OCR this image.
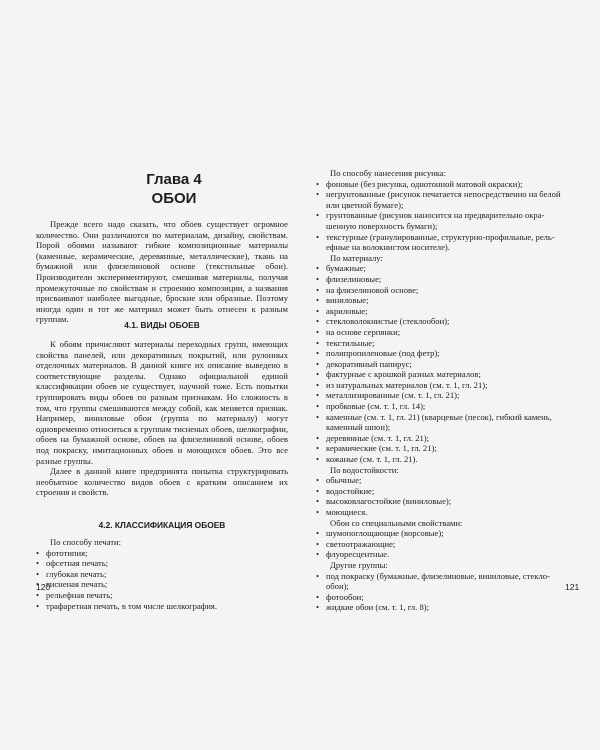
Глава 4
ОБОИ

Прежде всего надо сказать, что обоев существует огромное количество. Они различаются по материалам, дизайну, свойствам. Порой обоями называют гибкие композиционные материалы (каменные, керамические, деревянные, металлические), ткань на бумажной или флизелиновой основе (текстильные обои). Производители экспериментируют, смешивая материалы, получая промежуточные по свойствам и строению композиции, а названия присваивают наиболее выгодные, броские или образные. Поэтому иногда один и тот же материал может быть отнесен к разным группам.

4.1. ВИДЫ ОБОЕВ

К обоям причисляют материалы переходных групп, имеющих свойства панелей, или декоративных покрытий, или рулонных отделочных материалов. В данной книге их описание выведено в соответствующие разделы. Однако официальной единой классификации обоев не существует, научной тоже. Есть попытки группировать виды обоев по разным признакам. Но сложность в том, что группы смешиваются между собой, как меняется признак. Например, виниловые обои (группа по материалу) могут одновременно относиться к группам тисненых обоев, шелкографии, обоев на бумажной основе, обоев на флизелиновой основе, обоев под покраску, имитационных обоев и моющихся обоев. Это все разные группы.

Далее в данной книге предпринята попытка структурировать необъятное количество видов обоев с кратким описанием их строения и свойств.

4.2. КЛАССИФИКАЦИЯ ОБОЕВ
По способу печати:
• фототипия;
• офсетная печать;
• глубокая печать;
• тисненая печать;
• рельефная печать;
• трафаретная печать, в том числе шелкография.
120
По способу нанесения рисунка:
• фоновые (без рисунка, однотонной матовой окраски);
• негрунтованные (рисунок печатается непосредственно на белой
или цветной бумаге);
• грунтованные (рисунок наносится на предварительно окра-
шенную поверхность бумаги);
• текстурные (гранулированные, структурно-профильные, рель-
ефные на волокнистом носителе).
По материалу:
• бумажные;
• флизелиновые;
• на флизелиновой основе;
• виниловые;
• акриловые;
• стекловолокнистые (стеклообои);
• на основе серпянки;
• текстильные;
• полипропиленовые (под фетр);
• декоративный папирус;
• фактурные с крошкой разных материалов;
• из натуральных материалов (см. т. 1, гл. 21);
• металлизированные (см. т. 1, гл. 21);
• пробковые (см. т. 1, гл. 14);
• каменные (см. т. 1, гл. 21) (кварцевые (песок), гибкий камень,
каменный шпон);
• деревянные (см. т. 1, гл. 21);
• керамические (см. т. 1, гл. 21);
• кожаные (см. т. 1, гл. 21).
По водостойкости:
• обычные;
• водостойкие;
• высоковлагостойкие (виниловые);
• моющиеся.
Обои со специальными свойствами:
• шумопоглощающие (ворсовые);
• светоотражающие;
• флуоресцентные.
Другие группы:
• под покраску (бумажные, флизелиновые, виниловые, стекло-
обои);
• фотообои;
• жидкие обои (см. т. 1, гл. 8);
121
